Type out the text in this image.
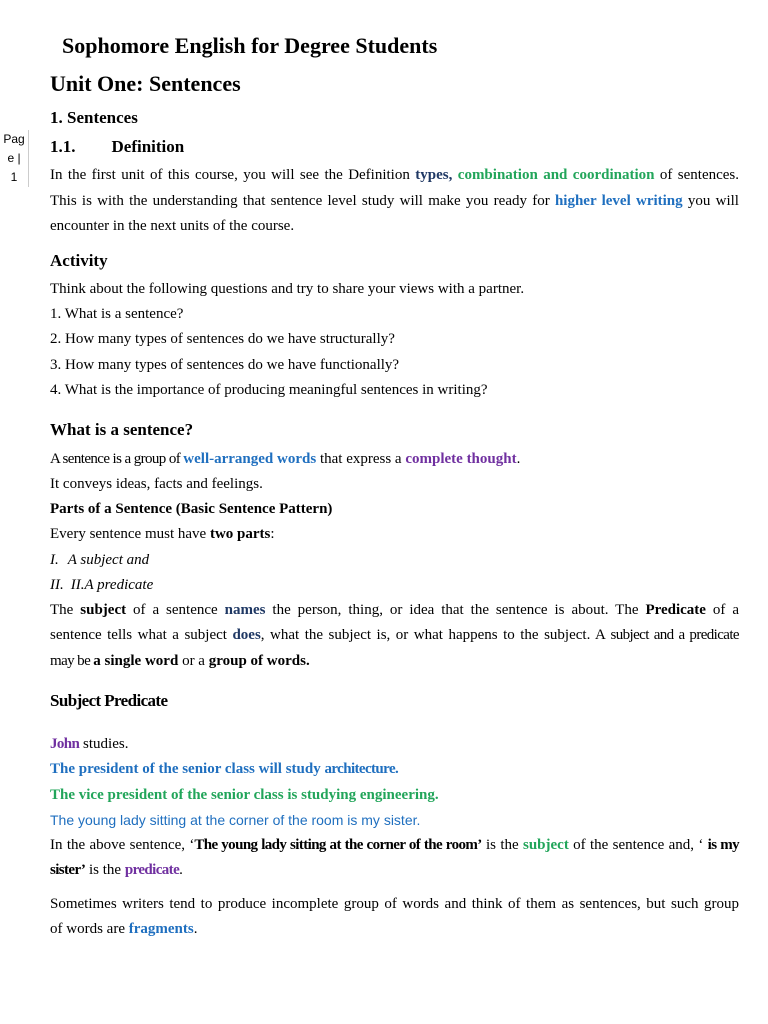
Sophomore English for Degree Students
Unit One: Sentences
Pag
e |
1
1. Sentences
1.1. Definition
In the first unit of this course, you will see the Definition types, combination and coordination of sentences.
This is with the understanding that sentence level study will make you ready for higher level writing you will
encounter in the next units of the course.
Activity
Think about the following questions and try to share your views with a partner.
1. What is a sentence?
2. How many types of sentences do we have structurally?
3. How many types of sentences do we have functionally?
4. What is the importance of producing meaningful sentences in writing?
What is a sentence?
A sentence is a group of well-arranged words that express a complete thought.
It conveys ideas, facts and feelings.
Parts of a Sentence (Basic Sentence Pattern)
Every sentence must have two parts:
I. A subject and
II. II.A predicate
The subject of a sentence names the person, thing, or idea that the sentence is about. The Predicate of a
sentence tells what a subject does, what the subject is, or what happens to the subject. A subject and a predicate
may be a single word or a group of words.
Subject Predicate
John studies.
The president of the senior class will study architecture.
The vice president of the senior class is studying engineering.
The young lady sitting at the corner of the room is my sister.
In the above sentence, ‘The young lady sitting at the corner of the room’ is the subject of the sentence and, ‘ is my
sister’ is the predicate.
Sometimes writers tend to produce incomplete group of words and think of them as sentences, but such group
of words are fragments.
